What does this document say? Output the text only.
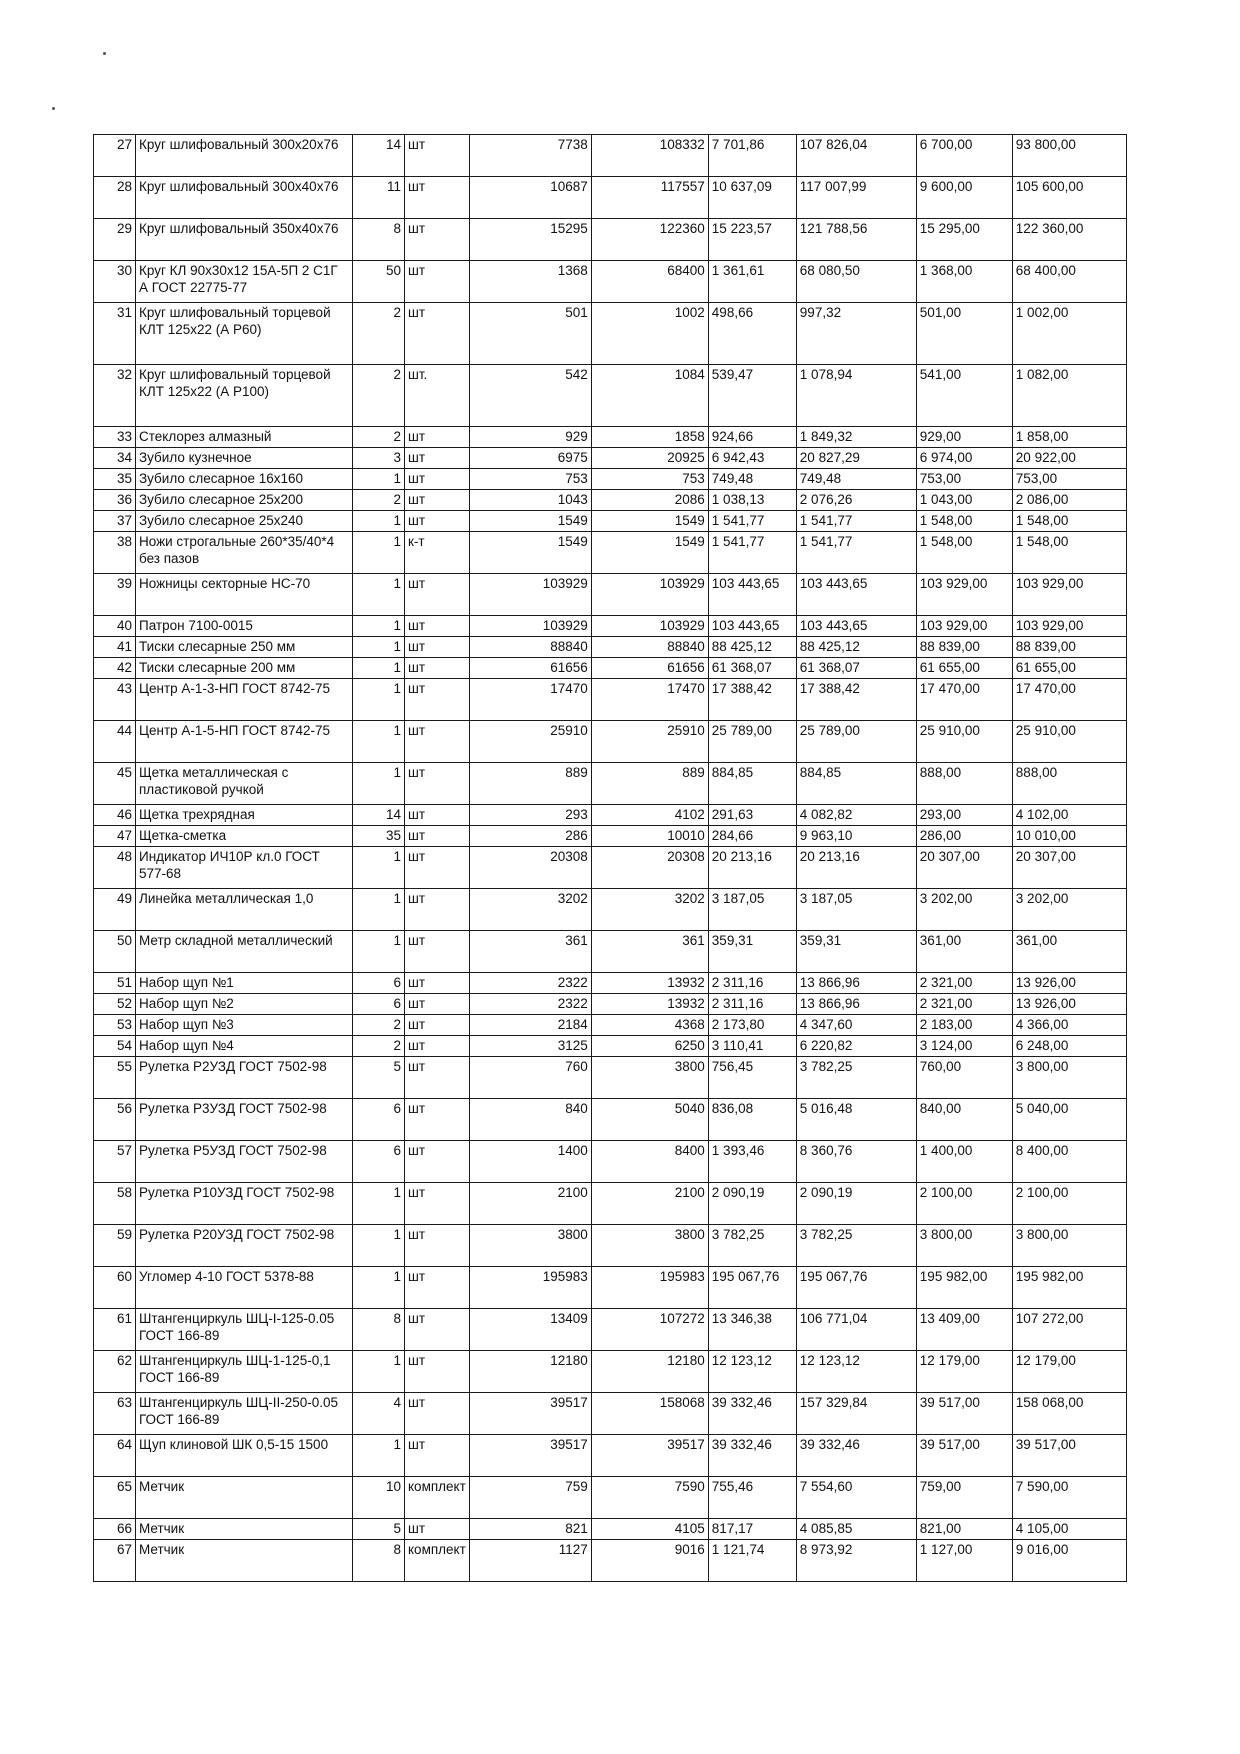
27	Круг шлифовальный 300х20х76	14	шт	7738	108332	7 701,86	107 826,04	6 700,00	93 800,00
28	Круг шлифовальный 300х40х76	11	шт	10687	117557	10 637,09	117 007,99	9 600,00	105 600,00
29	Круг шлифовальный 350х40х76	8	шт	15295	122360	15 223,57	121 788,56	15 295,00	122 360,00
30	Круг КЛ 90х30х12 15А-5П 2 С1Г А ГОСТ 22775-77	50	шт	1368	68400	1 361,61	68 080,50	1 368,00	68 400,00
31	Круг шлифовальный торцевой КЛТ 125х22 (А Р60)	2	шт	501	1002	498,66	997,32	501,00	1 002,00
32	Круг шлифовальный торцевой КЛТ 125х22 (А Р100)	2	шт.	542	1084	539,47	1 078,94	541,00	1 082,00
33	Стеклорез алмазный	2	шт	929	1858	924,66	1 849,32	929,00	1 858,00
34	Зубило кузнечное	3	шт	6975	20925	6 942,43	20 827,29	6 974,00	20 922,00
35	Зубило слесарное 16х160	1	шт	753	753	749,48	749,48	753,00	753,00
36	Зубило слесарное 25х200	2	шт	1043	2086	1 038,13	2 076,26	1 043,00	2 086,00
37	Зубило слесарное 25х240	1	шт	1549	1549	1 541,77	1 541,77	1 548,00	1 548,00
38	Ножи строгальные 260*35/40*4 без пазов	1	к-т	1549	1549	1 541,77	1 541,77	1 548,00	1 548,00
39	Ножницы секторные НС-70	1	шт	103929	103929	103 443,65	103 443,65	103 929,00	103 929,00
40	Патрон 7100-0015	1	шт	103929	103929	103 443,65	103 443,65	103 929,00	103 929,00
41	Тиски слесарные 250 мм	1	шт	88840	88840	88 425,12	88 425,12	88 839,00	88 839,00
42	Тиски слесарные 200 мм	1	шт	61656	61656	61 368,07	61 368,07	61 655,00	61 655,00
43	Центр А-1-3-НП ГОСТ 8742-75	1	шт	17470	17470	17 388,42	17 388,42	17 470,00	17 470,00
44	Центр А-1-5-НП ГОСТ 8742-75	1	шт	25910	25910	25 789,00	25 789,00	25 910,00	25 910,00
45	Щетка металлическая с пластиковой ручкой	1	шт	889	889	884,85	884,85	888,00	888,00
46	Щетка трехрядная	14	шт	293	4102	291,63	4 082,82	293,00	4 102,00
47	Щетка-сметка	35	шт	286	10010	284,66	9 963,10	286,00	10 010,00
48	Индикатор ИЧ10Р кл.0 ГОСТ 577-68	1	шт	20308	20308	20 213,16	20 213,16	20 307,00	20 307,00
49	Линейка металлическая 1,0	1	шт	3202	3202	3 187,05	3 187,05	3 202,00	3 202,00
50	Метр складной металлический	1	шт	361	361	359,31	359,31	361,00	361,00
51	Набор щуп №1	6	шт	2322	13932	2 311,16	13 866,96	2 321,00	13 926,00
52	Набор щуп №2	6	шт	2322	13932	2 311,16	13 866,96	2 321,00	13 926,00
53	Набор щуп №3	2	шт	2184	4368	2 173,80	4 347,60	2 183,00	4 366,00
54	Набор щуп №4	2	шт	3125	6250	3 110,41	6 220,82	3 124,00	6 248,00
55	Рулетка Р2УЗД ГОСТ 7502-98	5	шт	760	3800	756,45	3 782,25	760,00	3 800,00
56	Рулетка Р3УЗД ГОСТ 7502-98	6	шт	840	5040	836,08	5 016,48	840,00	5 040,00
57	Рулетка Р5УЗД ГОСТ 7502-98	6	шт	1400	8400	1 393,46	8 360,76	1 400,00	8 400,00
58	Рулетка Р10УЗД ГОСТ 7502-98	1	шт	2100	2100	2 090,19	2 090,19	2 100,00	2 100,00
59	Рулетка Р20УЗД ГОСТ 7502-98	1	шт	3800	3800	3 782,25	3 782,25	3 800,00	3 800,00
60	Угломер 4-10 ГОСТ 5378-88	1	шт	195983	195983	195 067,76	195 067,76	195 982,00	195 982,00
61	Штангенциркуль ШЦ-I-125-0.05 ГОСТ 166-89	8	шт	13409	107272	13 346,38	106 771,04	13 409,00	107 272,00
62	Штангенциркуль ШЦ-1-125-0,1 ГОСТ 166-89	1	шт	12180	12180	12 123,12	12 123,12	12 179,00	12 179,00
63	Штангенциркуль ШЦ-II-250-0.05 ГОСТ 166-89	4	шт	39517	158068	39 332,46	157 329,84	39 517,00	158 068,00
64	Щуп клиновой ШК 0,5-15 1500	1	шт	39517	39517	39 332,46	39 332,46	39 517,00	39 517,00
65	Метчик	10	комплект	759	7590	755,46	7 554,60	759,00	7 590,00
66	Метчик	5	шт	821	4105	817,17	4 085,85	821,00	4 105,00
67	Метчик	8	комплект	1127	9016	1 121,74	8 973,92	1 127,00	9 016,00
